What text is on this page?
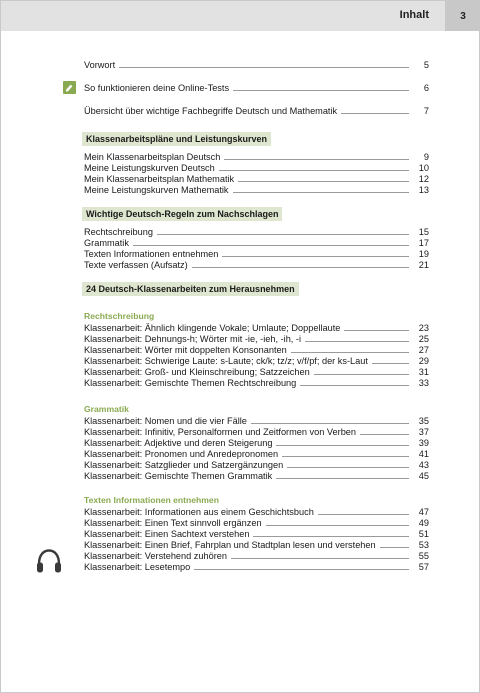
Inhalt	3
Vorwort	5
So funktionieren deine Online-Tests	6
Übersicht über wichtige Fachbegriffe Deutsch und Mathematik	7
Klassenarbeitspläne und Leistungskurven
Mein Klassenarbeitsplan Deutsch	9
Meine Leistungskurven Deutsch	10
Mein Klassenarbeitsplan Mathematik	12
Meine Leistungskurven Mathematik	13
Wichtige Deutsch-Regeln zum Nachschlagen
Rechtschreibung	15
Grammatik	17
Texten Informationen entnehmen	19
Texte verfassen (Aufsatz)	21
24 Deutsch-Klassenarbeiten zum Herausnehmen
Rechtschreibung
Klassenarbeit: Ähnlich klingende Vokale; Umlaute; Doppellaute	23
Klassenarbeit: Dehnungs-h; Wörter mit -ie, -ieh, -ih, -i	25
Klassenarbeit: Wörter mit doppelten Konsonanten	27
Klassenarbeit: Schwierige Laute: s-Laute; ck/k; tz/z; v/f/pf; der ks-Laut	29
Klassenarbeit: Groß- und Kleinschreibung; Satzzeichen	31
Klassenarbeit: Gemischte Themen Rechtschreibung	33
Grammatik
Klassenarbeit: Nomen und die vier Fälle	35
Klassenarbeit: Infinitiv, Personalformen und Zeitformen von Verben	37
Klassenarbeit: Adjektive und deren Steigerung	39
Klassenarbeit: Pronomen und Anredepronomen	41
Klassenarbeit: Satzglieder und Satzergänzungen	43
Klassenarbeit: Gemischte Themen Grammatik	45
Texten Informationen entnehmen
Klassenarbeit: Informationen aus einem Geschichtsbuch	47
Klassenarbeit: Einen Text sinnvoll ergänzen	49
Klassenarbeit: Einen Sachtext verstehen	51
Klassenarbeit: Einen Brief, Fahrplan und Stadtplan lesen und verstehen	53
Klassenarbeit: Verstehend zuhören	55
Klassenarbeit: Lesetempo	57
